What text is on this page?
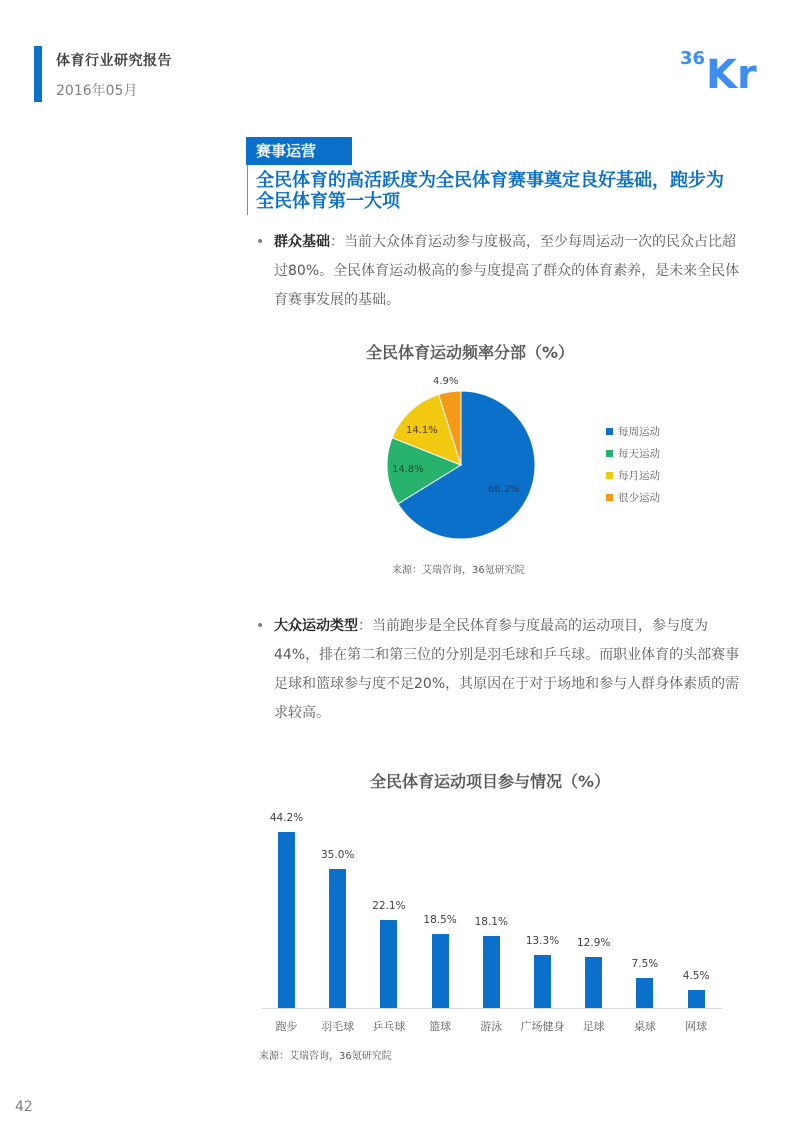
体育行业研究报告
2016年05月
36 Kr
赛事运营
全民体育的高活跃度为全民体育赛事奠定良好基础，跑步为全民体育第一大项
• 群众基础：当前大众体育运动参与度极高，至少每周运动一次的民众占比超过80%。全民体育运动极高的参与度提高了群众的体育素养，是未来全民体育赛事发展的基础。
全民体育运动频率分部（%）
66.2%
14.8%
14.1%
4.9%
每周运动
每天运动
每月运动
很少运动
来源：艾瑞咨询，36氪研究院
• 大众运动类型：当前跑步是全民体育参与度最高的运动项目，参与度为44%，排在第二和第三位的分别是羽毛球和乒乓球。而职业体育的头部赛事足球和篮球参与度不足20%，其原因在于对于场地和参与人群身体素质的需求较高。
全民体育运动项目参与情况（%）
44.2%
跑步
35.0%
羽毛球
22.1%
乒乓球
18.5%
篮球
18.1%
游泳
13.3%
广场健身
12.9%
足球
7.5%
桌球
4.5%
网球
来源：艾瑞咨询，36氪研究院
42
